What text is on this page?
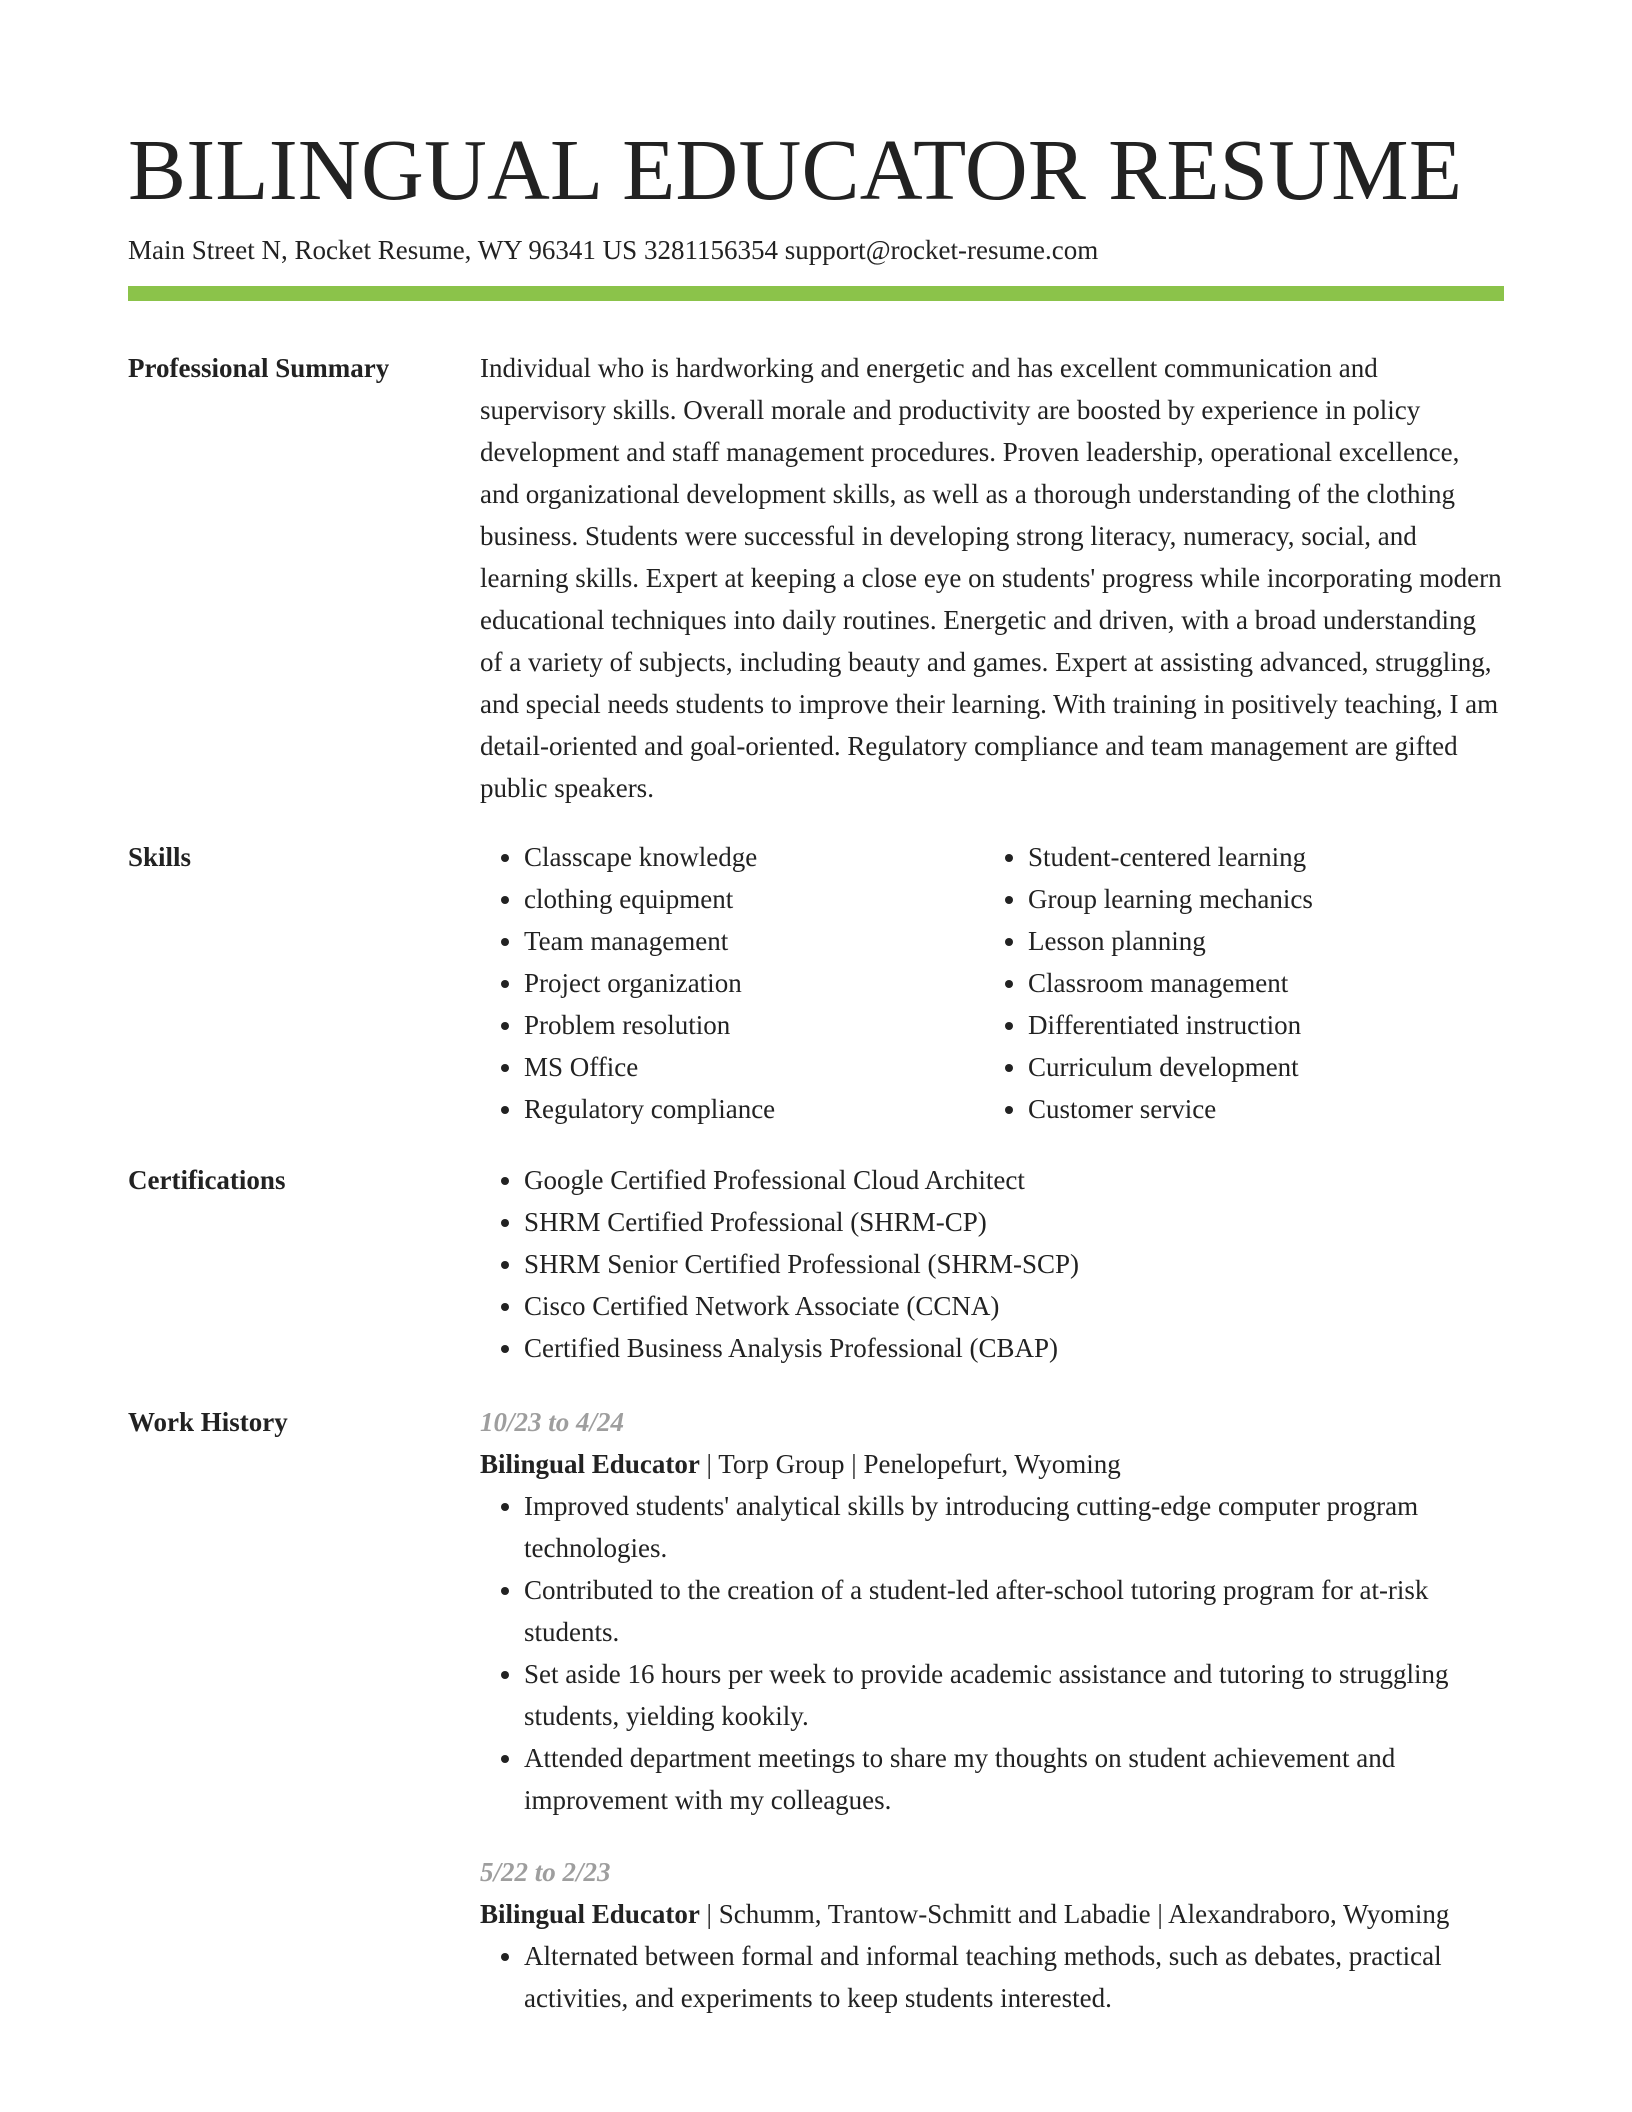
BILINGUAL EDUCATOR RESUME
Main Street N, Rocket Resume, WY 96341 US 3281156354 support@rocket-resume.com
Professional Summary	Individual who is hardworking and energetic and has excellent communication and supervisory skills. Overall morale and productivity are boosted by experience in policy development and staff management procedures. Proven leadership, operational excellence, and organizational development skills, as well as a thorough understanding of the clothing business. Students were successful in developing strong literacy, numeracy, social, and learning skills. Expert at keeping a close eye on students' progress while incorporating modern educational techniques into daily routines. Energetic and driven, with a broad understanding of a variety of subjects, including beauty and games. Expert at assisting advanced, struggling, and special needs students to improve their learning. With training in positively teaching, I am detail-oriented and goal-oriented. Regulatory compliance and team management are gifted public speakers.

Skills	• Classcape knowledge
• clothing equipment
• Team management
• Project organization
• Problem resolution
• MS Office
• Regulatory compliance
• Student-centered learning
• Group learning mechanics
• Lesson planning
• Classroom management
• Differentiated instruction
• Curriculum development
• Customer service
Certifications	• Google Certified Professional Cloud Architect
• SHRM Certified Professional (SHRM-CP)
• SHRM Senior Certified Professional (SHRM-SCP)
• Cisco Certified Network Associate (CCNA)
• Certified Business Analysis Professional (CBAP)
Work History	10/23 to 4/24
Bilingual Educator | Torp Group | Penelopefurt, Wyoming
• Improved students' analytical skills by introducing cutting-edge computer program technologies.
• Contributed to the creation of a student-led after-school tutoring program for at-risk students.
• Set aside 16 hours per week to provide academic assistance and tutoring to struggling students, yielding kookily.
• Attended department meetings to share my thoughts on student achievement and improvement with my colleagues.
5/22 to 2/23
Bilingual Educator | Schumm, Trantow-Schmitt and Labadie | Alexandraboro, Wyoming
• Alternated between formal and informal teaching methods, such as debates, practical activities, and experiments to keep students interested.
